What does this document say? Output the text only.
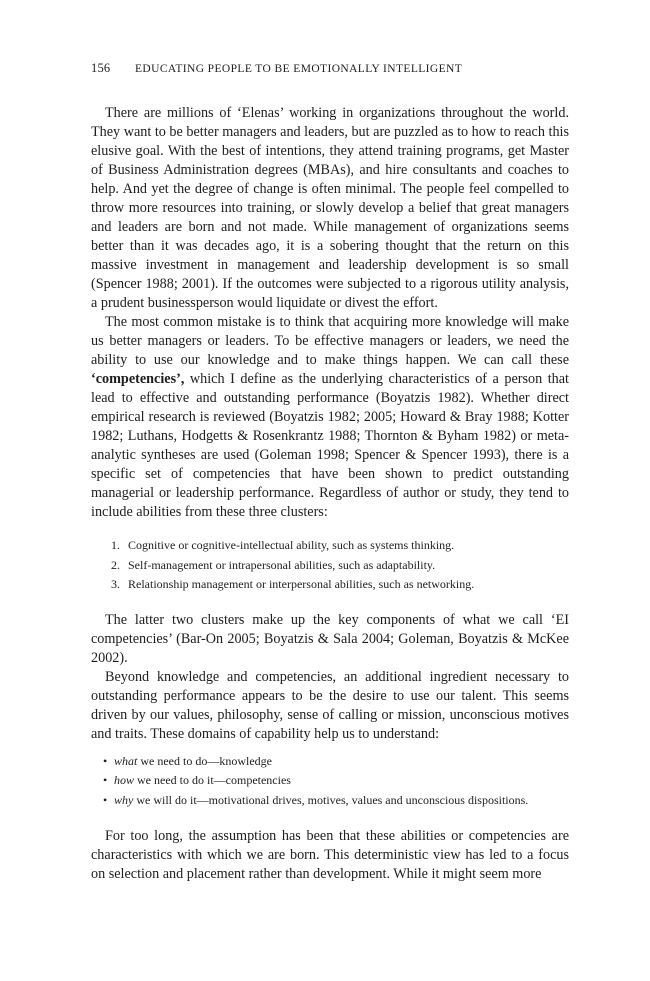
156 EDUCATING PEOPLE TO BE EMOTIONALLY INTELLIGENT

There are millions of ‘Elenas’ working in organizations throughout the world. They want to be better managers and leaders, but are puzzled as to how to reach this elusive goal. With the best of intentions, they attend training programs, get Master of Business Administration degrees (MBAs), and hire consultants and coaches to help. And yet the degree of change is often minimal. The people feel compelled to throw more resources into training, or slowly develop a belief that great managers and leaders are born and not made. While management of organizations seems better than it was decades ago, it is a sobering thought that the return on this massive investment in management and leadership development is so small (Spencer 1988; 2001). If the outcomes were subjected to a rigorous utility analysis, a prudent businessperson would liquidate or divest the effort.

The most common mistake is to think that acquiring more knowledge will make us better managers or leaders. To be effective managers or leaders, we need the ability to use our knowledge and to make things happen. We can call these ‘competencies’, which I define as the underlying characteristics of a person that lead to effective and outstanding performance (Boyatzis 1982). Whether direct empirical research is reviewed (Boyatzis 1982; 2005; Howard & Bray 1988; Kotter 1982; Luthans, Hodgetts & Rosenkrantz 1988; Thornton & Byham 1982) or meta-analytic syntheses are used (Goleman 1998; Spencer & Spencer 1993), there is a specific set of competencies that have been shown to predict outstanding managerial or leadership performance. Regardless of author or study, they tend to include abilities from these three clusters:

1. Cognitive or cognitive-intellectual ability, such as systems thinking.
2. Self-management or intrapersonal abilities, such as adaptability.
3. Relationship management or interpersonal abilities, such as networking.

The latter two clusters make up the key components of what we call ‘EI competencies’ (Bar-On 2005; Boyatzis & Sala 2004; Goleman, Boyatzis & McKee 2002).

Beyond knowledge and competencies, an additional ingredient necessary to outstanding performance appears to be the desire to use our talent. This seems driven by our values, philosophy, sense of calling or mission, unconscious motives and traits. These domains of capability help us to understand:

• what we need to do—knowledge
• how we need to do it—competencies
• why we will do it—motivational drives, motives, values and unconscious dispositions.

For too long, the assumption has been that these abilities or competencies are characteristics with which we are born. This deterministic view has led to a focus on selection and placement rather than development. While it might seem more
